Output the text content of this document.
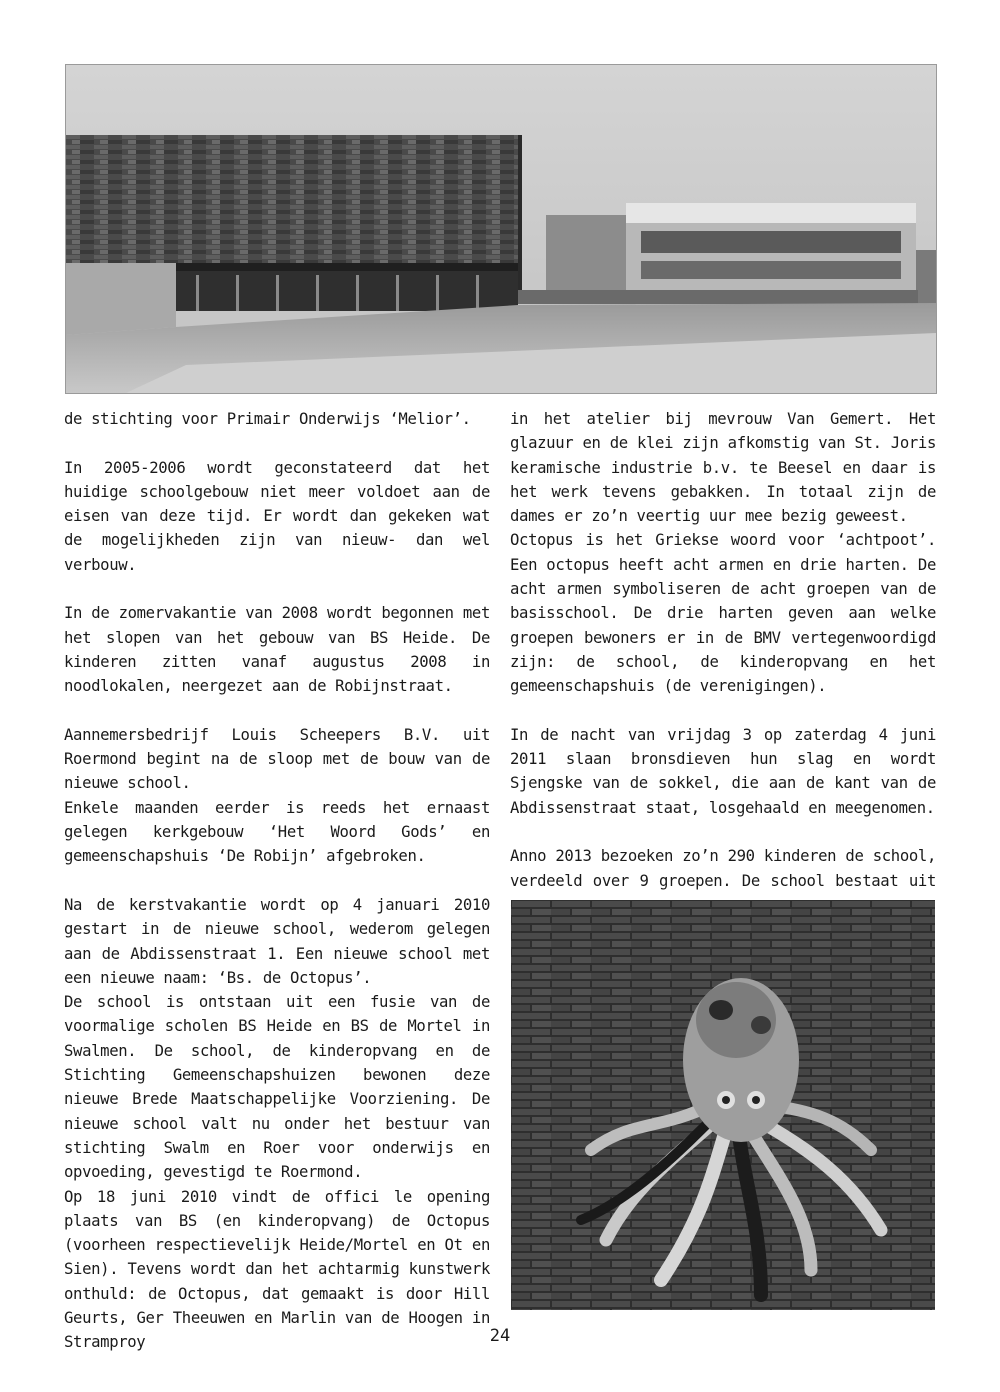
de stichting voor Primair Onderwijs ‘Melior’.

In 2005-2006 wordt geconstateerd dat het huidige schoolgebouw niet meer voldoet aan de eisen van deze tijd. Er wordt dan gekeken wat de mogelijkheden zijn van nieuw- dan wel verbouw.

In de zomervakantie van 2008 wordt begonnen met het slopen van het gebouw van BS Heide. De kinderen zitten vanaf augustus 2008 in noodlokalen, neergezet aan de Robijnstraat.

Aannemersbedrijf Louis Scheepers B.V. uit Roermond begint na de sloop met de bouw van de nieuwe school.

Enkele maanden eerder is reeds het ernaast gelegen kerkgebouw ‘Het Woord Gods’ en gemeenschapshuis ‘De Robijn’ afgebroken.

Na de kerstvakantie wordt op 4 januari 2010 gestart in de nieuwe school, wederom gelegen aan de Abdissenstraat 1. Een nieuwe school met een nieuwe naam: ‘Bs. de Octopus’.

De school is ontstaan uit een fusie van de voormalige scholen BS Heide en BS de Mortel in Swalmen. De school, de kinderopvang en de Stichting Gemeenschapshuizen bewonen deze nieuwe Brede Maatschappelijke Voorziening. De nieuwe school valt nu onder het bestuur van stichting Swalm en Roer voor onderwijs en opvoeding, gevestigd te Roermond.

Op 18 juni 2010 vindt de offici le opening plaats van BS (en kinderopvang) de Octopus (voorheen respectievelijk Heide/Mortel en Ot en Sien). Tevens wordt dan het achtarmig kunstwerk onthuld: de Octopus, dat gemaakt is door Hill Geurts, Ger Theeuwen en Marlin van de Hoogen in Stramproy

in het atelier bij mevrouw Van Gemert. Het glazuur en de klei zijn afkomstig van St. Joris keramische industrie b.v. te Beesel en daar is het werk tevens gebakken. In totaal zijn de dames er zo’n veertig uur mee bezig geweest.

Octopus is het Griekse woord voor ‘achtpoot’. Een octopus heeft acht armen en drie harten. De acht armen symboliseren de acht groepen van de basisschool. De drie harten geven aan welke groepen bewoners er in de BMV vertegenwoordigd zijn: de school, de kinderopvang en het gemeenschapshuis (de verenigingen).

In de nacht van vrijdag 3 op zaterdag 4 juni 2011 slaan bronsdieven hun slag en wordt Sjengske van de sokkel, die aan de kant van de Abdissenstraat staat, losgehaald en meegenomen.

Anno 2013 bezoeken zo’n 290 kinderen de school, verdeeld over 9 groepen. De school bestaat uit

24
